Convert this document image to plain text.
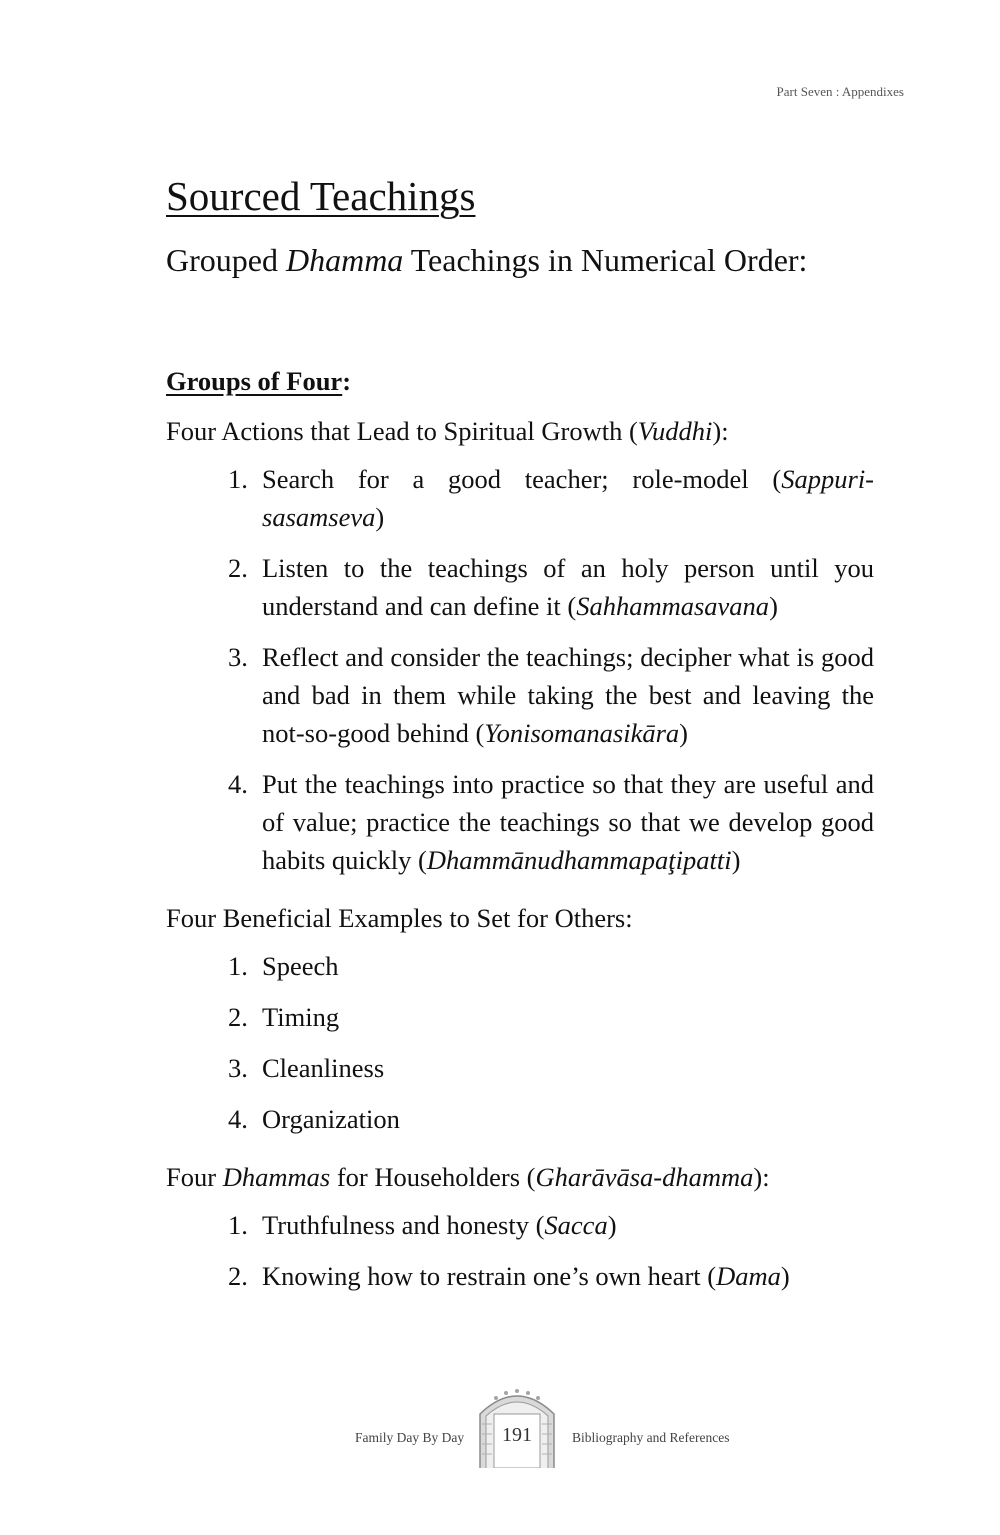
Part Seven : Appendixes
Sourced Teachings
Grouped Dhamma Teachings in Numerical Order:

Groups of Four:

Four Actions that Lead to Spiritual Growth (Vuddhi):

1. Search for a good teacher; role-model (Sappuri-sasamseva)
2. Listen to the teachings of an holy person until you understand and can define it (Sahhammasavana)
3. Reflect and consider the teachings; decipher what is good and bad in them while taking the best and leaving the not-so-good behind (Yonisomanasikāra)
4. Put the teachings into practice so that they are useful and of value; practice the teachings so that we develop good habits quickly (Dhammānudhammapaţipatti)

Four Beneficial Examples to Set for Others:

1. Speech
2. Timing
3. Cleanliness
4. Organization

Four Dhammas for Householders (Gharāvāsa-dhamma):

1. Truthfulness and honesty (Sacca)
2. Knowing how to restrain one’s own heart (Dama)
Family Day By Day	191	Bibliography and References
